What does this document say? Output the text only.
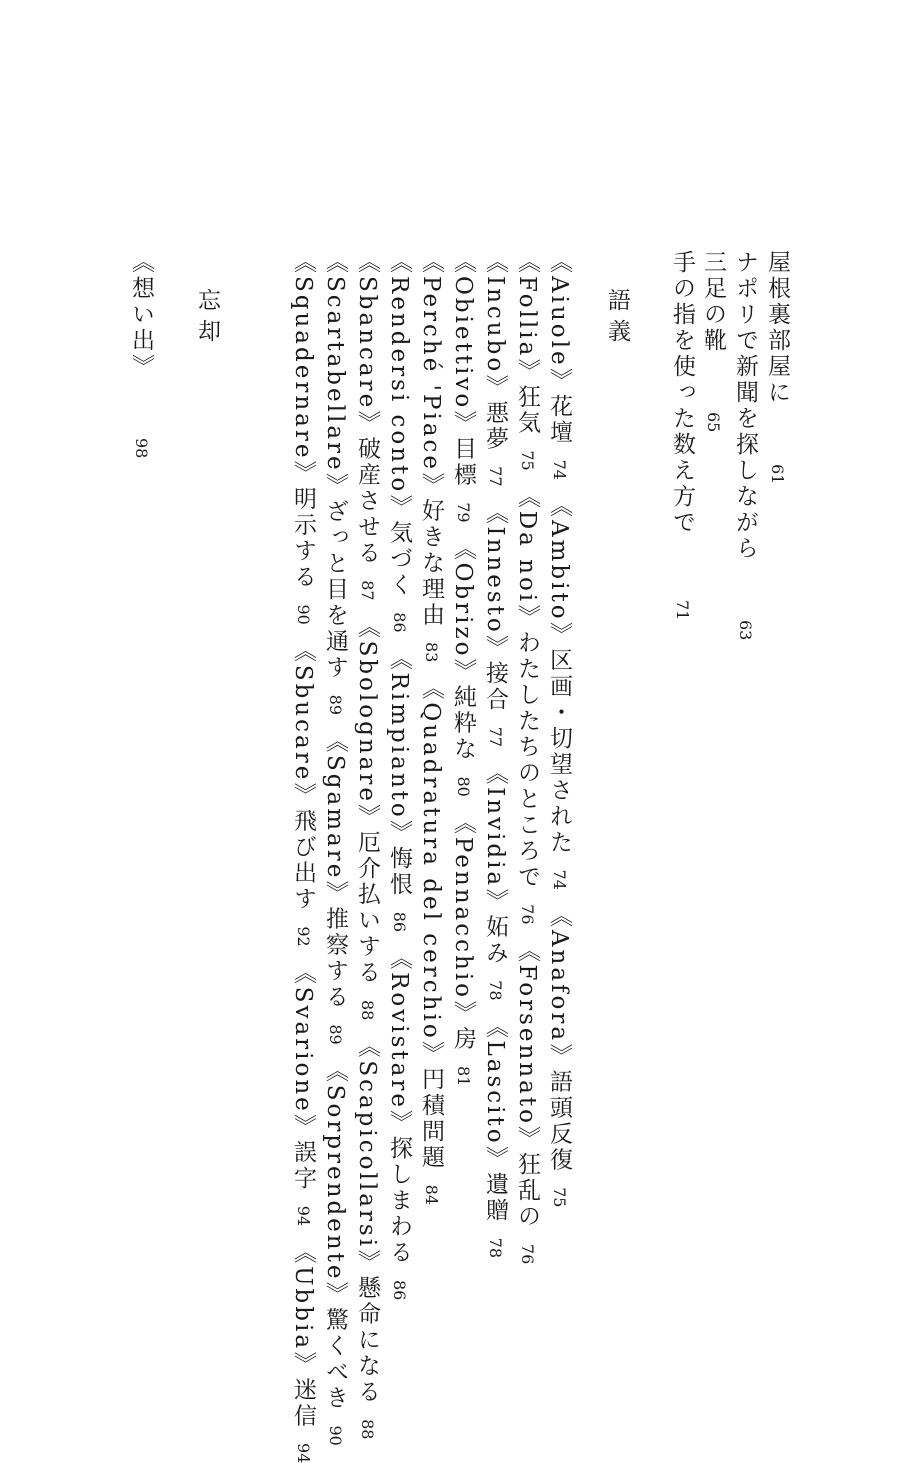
屋根裏部屋に61
ナポリで新聞を探しながら63
三足の靴65
手の指を使った数え方で71
語義
《Aiuole》花壇74《Ambito》区画・切望された74《Anafora》語頭反復75
《Follia》狂気75《Da noi》わたしたちのところで76《Forsennato》狂乱の76
《Incubo》悪夢77《Innesto》接合77《Invidia》妬み78《Lascito》遺贈78
《Obiettivo》目標79《Obrizo》純粋な80《Pennacchio》房81
《Perché 'Piace》好きな理由83《Quadratura del cerchio》円積問題84
《Rendersi conto》気づく86《Rimpianto》悔恨86《Rovistare》探しまわる86
《Sbancare》破産させる87《Sbolognare》厄介払いする88《Scapicollarsi》懸命になる88
《Scartabellare》ざっと目を通す89《Sgamare》推察する89《Sorprendente》驚くべき90
《Squadernare》明示する90《Sbucare》飛び出す92《Svarione》誤字94《Ubbia》迷信94
忘却
《想い出》98
